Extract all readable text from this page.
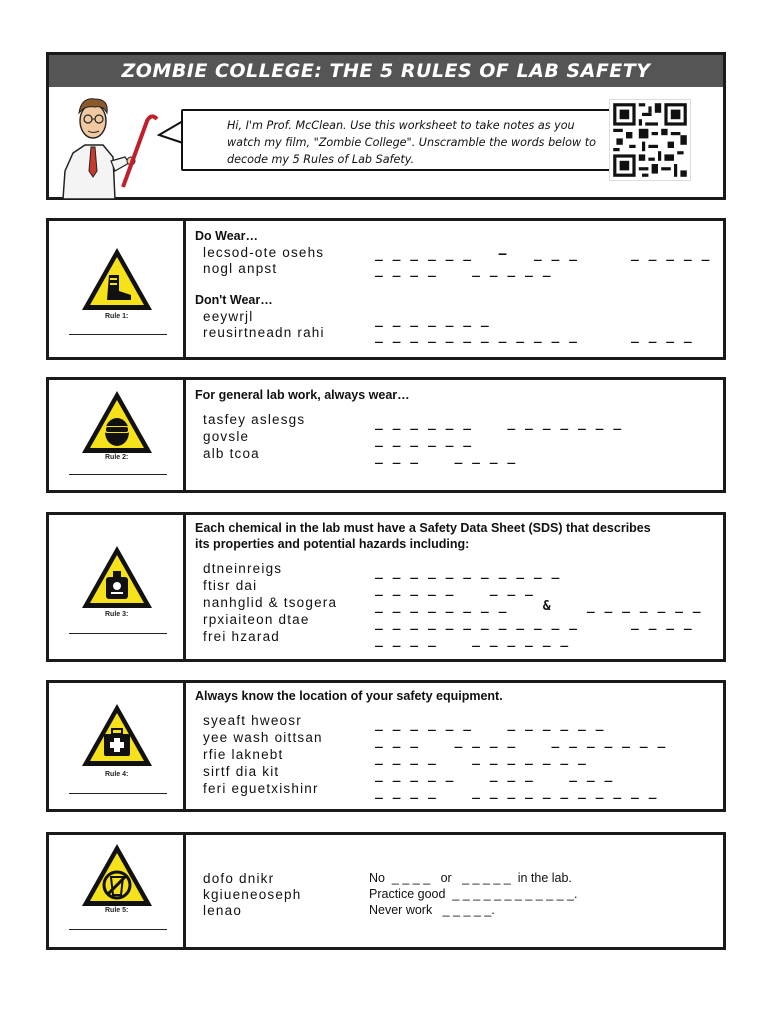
ZOMBIE COLLEGE: THE 5 RULES OF LAB SAFETY
Hi, I'm Prof. McClean. Use this worksheet to take notes as you
watch my film, "Zombie College". Unscramble the words below to
decode my 5 Rules of Lab Safety.
Rule 1:
Do Wear…
lecsod-ote osehs	_ _ _ _ _ _   –   _ _ _      _ _ _ _ _
nogl anpst	_ _ _ _    _ _ _ _ _
Don't Wear…
eeywrjl	_ _ _ _ _ _ _
reusirtneadn rahi	_ _ _ _ _ _ _ _ _ _ _ _      _ _ _ _
Rule 2:
For general lab work, always wear…
tasfey aslesgs	_ _ _ _ _ _    _ _ _ _ _ _ _
govsle	_ _ _ _ _ _
alb tcoa	_ _ _    _ _ _ _
Rule 3:
Each chemical in the lab must have a Safety Data Sheet (SDS) that describes
its properties and potential hazards including:
dtneinreigs	_ _ _ _ _ _ _ _ _ _ _
ftisr dai	_ _ _ _ _    _ _ _
nanhglid & tsogera	_ _ _ _ _ _ _ _    &    _ _ _ _ _ _ _
rpxiaiteon dtae	_ _ _ _ _ _ _ _ _ _ _ _      _ _ _ _
frei hzarad	_ _ _ _    _ _ _ _ _ _
Rule 4:
Always know the location of your safety equipment.
syeaft hweosr	_ _ _ _ _ _    _ _ _ _ _ _
yee wash oittsan	_ _ _    _ _ _ _    _ _ _ _ _ _ _
rfie laknebt	_ _ _ _    _ _ _ _ _ _ _
sirtf dia kit	_ _ _ _ _    _ _ _    _ _ _
feri eguetxishinr	_ _ _ _    _ _ _ _ _ _ _ _ _ _ _
Rule 5:
dofo dnikr
kgiueneoseph
lenao
No  _ _ _ _   or   _ _ _ _ _  in the lab.
Practice good  _ _ _ _ _ _ _ _ _ _ _ _.
Never work   _ _ _ _ _.
